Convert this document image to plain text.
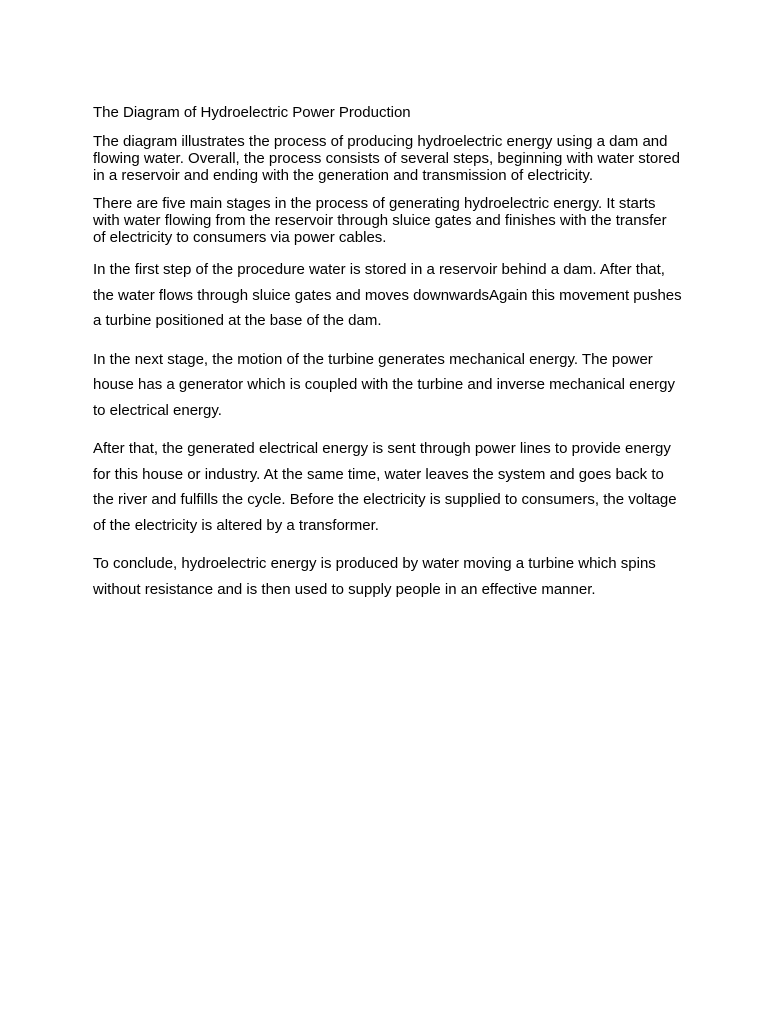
The Diagram of Hydroelectric Power Production

The diagram illustrates the process of producing hydroelectric energy using a dam and flowing water. Overall, the process consists of several steps, beginning with water stored in a reservoir and ending with the generation and transmission of electricity.

There are five main stages in the process of generating hydroelectric energy. It starts with water flowing from the reservoir through sluice gates and finishes with the transfer of electricity to consumers via power cables.

In the first step of the procedure water is stored in a reservoir behind a dam. After that, the water flows through sluice gates and moves downwardsAgain this movement pushes a turbine positioned at the base of the dam.

In the next stage, the motion of the turbine generates mechanical energy. The power house has a generator which is coupled with the turbine and inverse mechanical energy to electrical energy.

After that, the generated electrical energy is sent through power lines to provide energy for this house or industry. At the same time, water leaves the system and goes back to the river and fulfills the cycle. Before the electricity is supplied to consumers, the voltage of the electricity is altered by a transformer.

To conclude, hydroelectric energy is produced by water moving a turbine which spins without resistance and is then used to supply people in an effective manner.
